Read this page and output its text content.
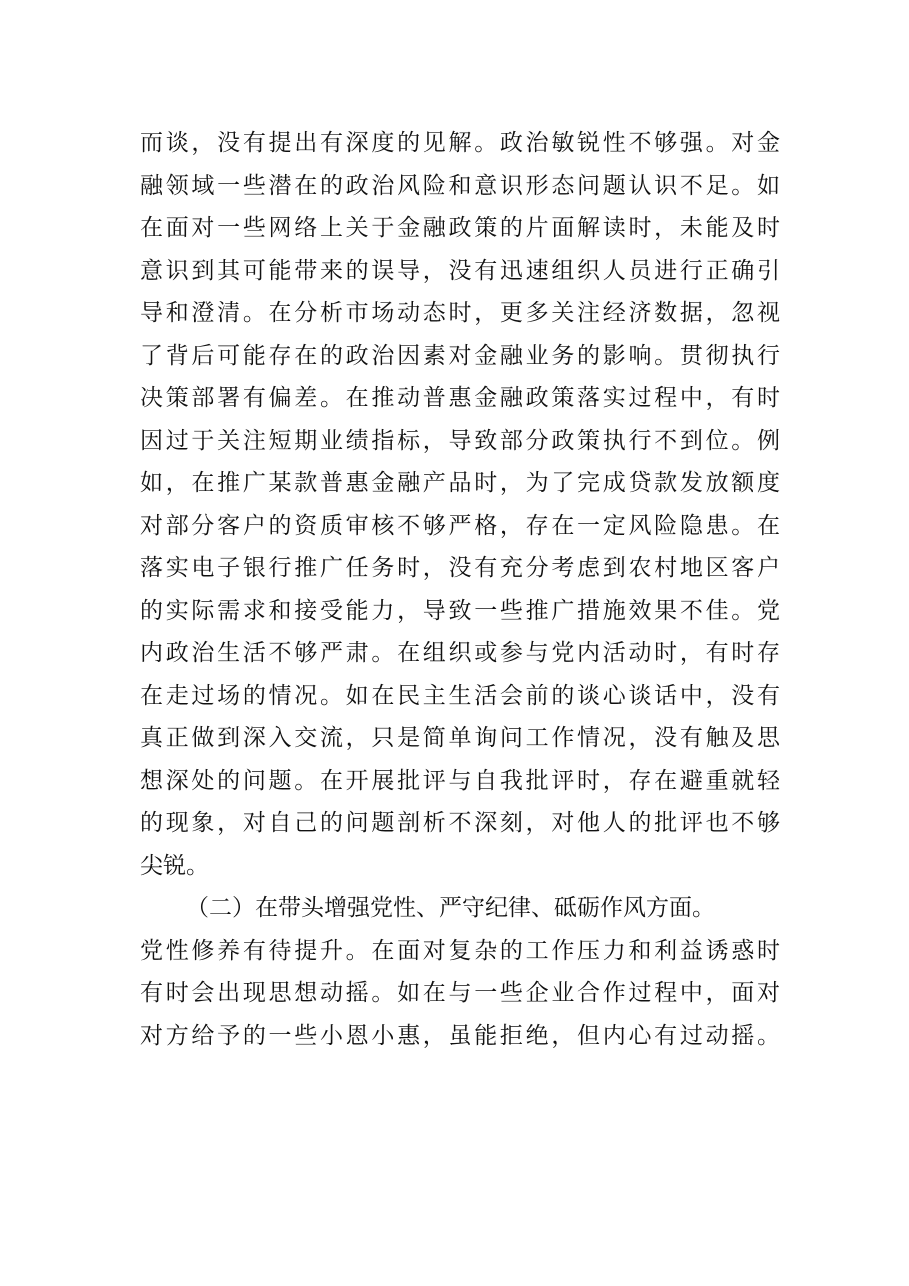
而谈，没有提出有深度的见解。政治敏锐性不够强。对金
融领域一些潜在的政治风险和意识形态问题认识不足。如
在面对一些网络上关于金融政策的片面解读时，未能及时
意识到其可能带来的误导，没有迅速组织人员进行正确引
导和澄清。在分析市场动态时，更多关注经济数据，忽视
了背后可能存在的政治因素对金融业务的影响。贯彻执行
决策部署有偏差。在推动普惠金融政策落实过程中，有时
因过于关注短期业绩指标，导致部分政策执行不到位。例
如，在推广某款普惠金融产品时，为了完成贷款发放额度
对部分客户的资质审核不够严格，存在一定风险隐患。在
落实电子银行推广任务时，没有充分考虑到农村地区客户
的实际需求和接受能力，导致一些推广措施效果不佳。党
内政治生活不够严肃。在组织或参与党内活动时，有时存
在走过场的情况。如在民主生活会前的谈心谈话中，没有
真正做到深入交流，只是简单询问工作情况，没有触及思
想深处的问题。在开展批评与自我批评时，存在避重就轻
的现象，对自己的问题剖析不深刻，对他人的批评也不够
尖锐。
（二）在带头增强党性、严守纪律、砥砺作风方面。
党性修养有待提升。在面对复杂的工作压力和利益诱惑时
有时会出现思想动摇。如在与一些企业合作过程中，面对
对方给予的一些小恩小惠，虽能拒绝，但内心有过动摇。
